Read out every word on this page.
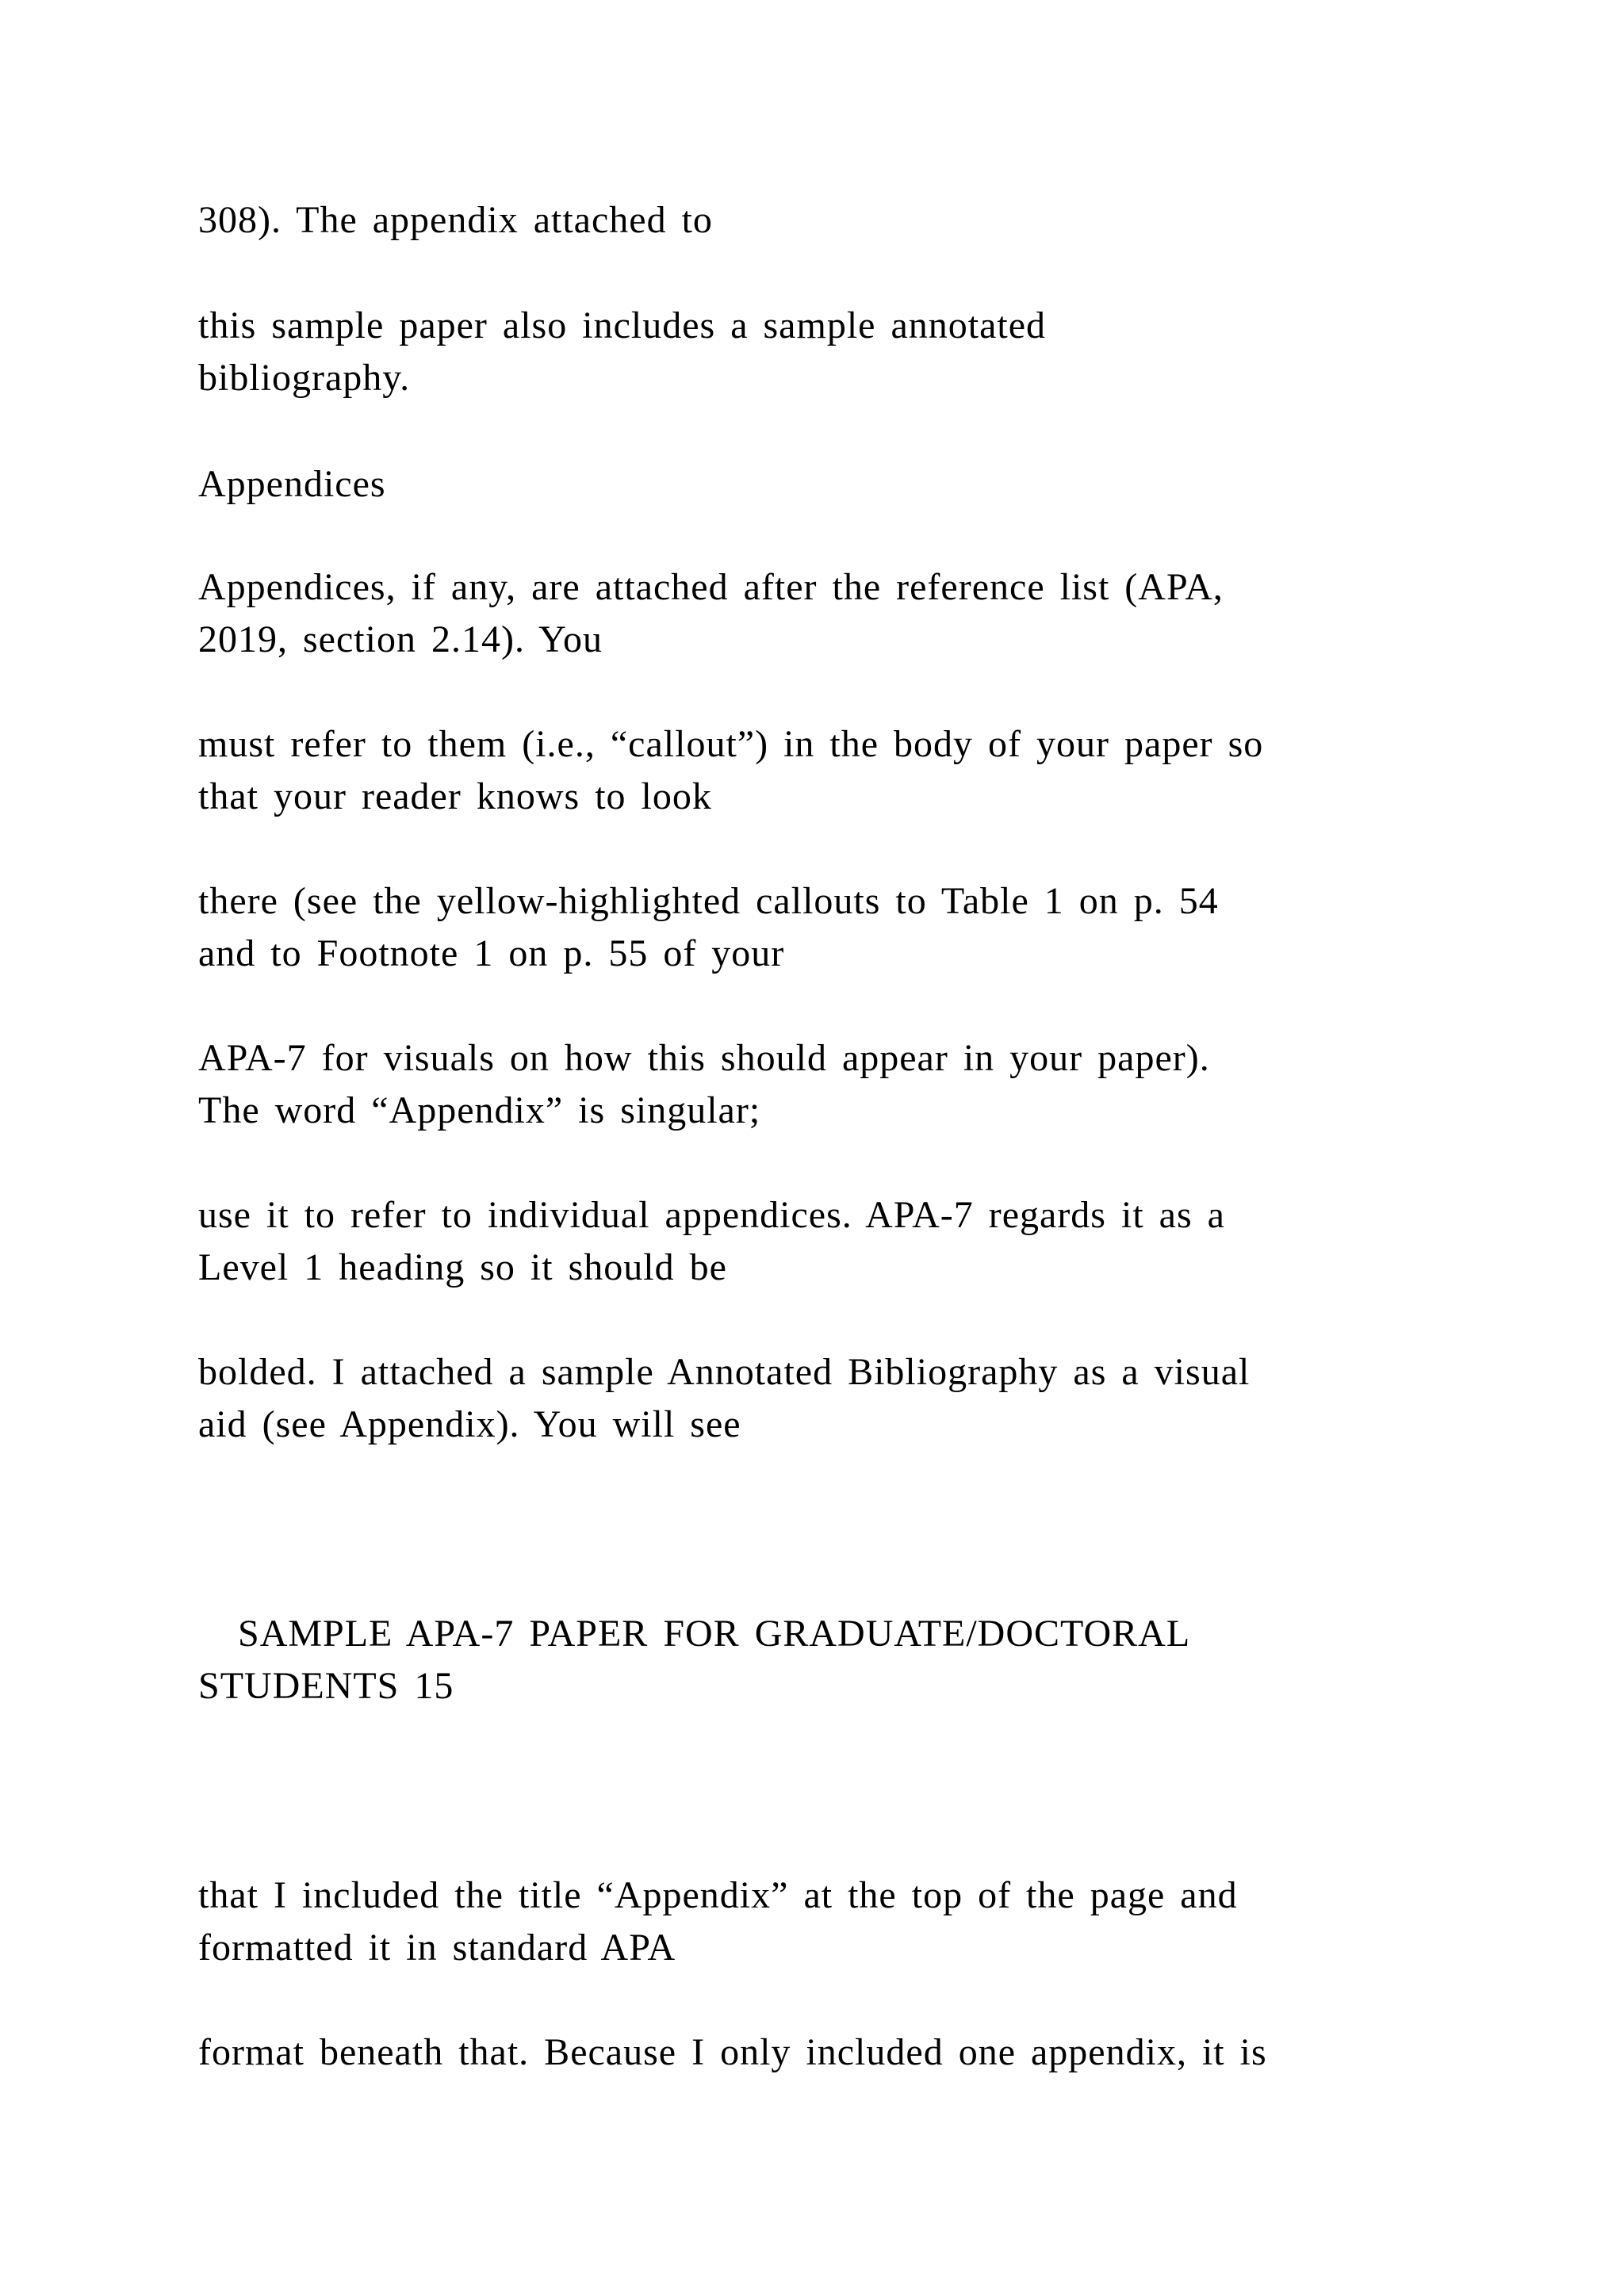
308). The appendix attached to

this sample paper also includes a sample annotated

bibliography.

Appendices

Appendices, if any, are attached after the reference list (APA,

2019, section 2.14). You

must refer to them (i.e., “callout”) in the body of your paper so

that your reader knows to look

there (see the yellow-highlighted callouts to Table 1 on p. 54

and to Footnote 1 on p. 55 of your

APA-7 for visuals on how this should appear in your paper).

The word “Appendix” is singular;

use it to refer to individual appendices. APA-7 regards it as a

Level 1 heading so it should be

bolded. I attached a sample Annotated Bibliography as a visual

aid (see Appendix). You will see

SAMPLE APA-7 PAPER FOR GRADUATE/DOCTORAL

STUDENTS 15

that I included the title “Appendix” at the top of the page and

formatted it in standard APA

format beneath that. Because I only included one appendix, it is
